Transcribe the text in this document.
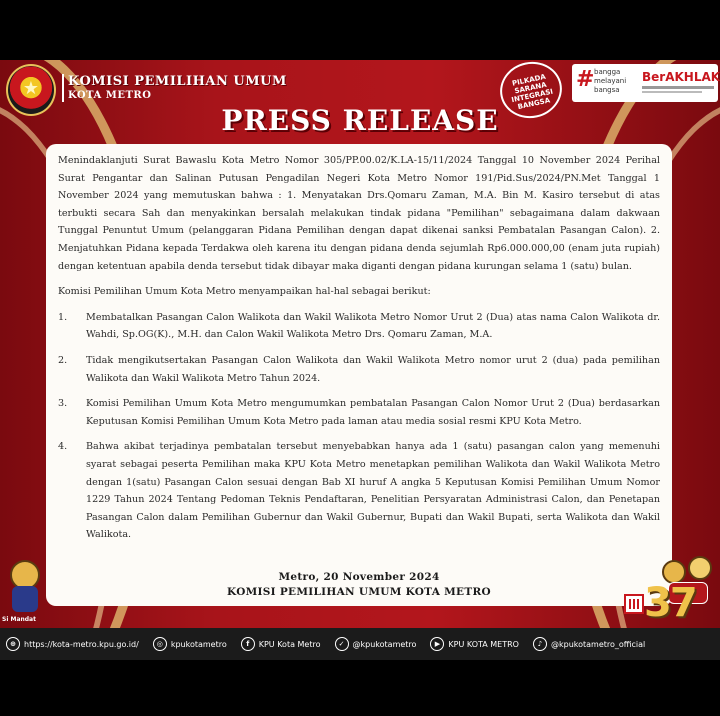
★
KOMISI PEMILIHAN UMUM
KOTA METRO
PILKADA SARANA INTEGRASI BANGSA
# bangga melayani bangsa
BerAKHLAK
PRESS RELEASE

Menindaklanjuti Surat Bawaslu Kota Metro Nomor 305/PP.00.02/K.LA-15/11/2024 Tanggal 10 November 2024 Perihal Surat Pengantar dan Salinan Putusan Pengadilan Negeri Kota Metro Nomor 191/Pid.Sus/2024/PN.Met Tanggal 1 November 2024 yang memutuskan bahwa : 1. Menyatakan Drs.Qomaru Zaman, M.A. Bin M. Kasiro tersebut di atas terbukti secara Sah dan menyakinkan bersalah melakukan tindak pidana "Pemilihan" sebagaimana dalam dakwaan Tunggal Penuntut Umum (pelanggaran Pidana Pemilihan dengan dapat dikenai sanksi Pembatalan Pasangan Calon). 2. Menjatuhkan Pidana kepada Terdakwa oleh karena itu dengan pidana denda sejumlah Rp6.000.000,00 (enam juta rupiah) dengan ketentuan apabila denda tersebut tidak dibayar maka diganti dengan pidana kurungan selama 1 (satu) bulan.

Komisi Pemilihan Umum Kota Metro menyampaikan hal-hal sebagai berikut:

1. Membatalkan Pasangan Calon Walikota dan Wakil Walikota Metro Nomor Urut 2 (Dua) atas nama Calon Walikota dr. Wahdi, Sp.OG(K)., M.H. dan Calon Wakil Walikota Metro Drs. Qomaru Zaman, M.A.
2. Tidak mengikutsertakan Pasangan Calon Walikota dan Wakil Walikota Metro nomor urut 2 (dua) pada pemilihan Walikota dan Wakil Walikota Metro Tahun 2024.
3. Komisi Pemilihan Umum Kota Metro mengumumkan pembatalan Pasangan Calon Nomor Urut 2 (Dua) berdasarkan Keputusan Komisi Pemilihan Umum Kota Metro pada laman atau media sosial resmi KPU Kota Metro.
4. Bahwa akibat terjadinya pembatalan tersebut menyebabkan hanya ada 1 (satu) pasangan calon yang memenuhi syarat sebagai peserta Pemilihan maka KPU Kota Metro menetapkan pemilihan Walikota dan Wakil Walikota Metro dengan 1(satu) Pasangan Calon sesuai dengan Bab XI huruf A angka 5 Keputusan Komisi Pemilihan Umum Nomor 1229 Tahun 2024 Tentang Pedoman Teknis Pendaftaran, Penelitian Persyaratan Administrasi Calon, dan Penetapan Pasangan Calon dalam Pemilihan Gubernur dan Wakil Gubernur, Bupati dan Wakil Bupati, serta Walikota dan Wakil Walikota.
Metro, 20 November 2024
KOMISI PEMILIHAN UMUM KOTA METRO
Si Mandat	37
⊕	https://kota-metro.kpu.go.id/	◎ kpukotametro	f	KPU Kota Metro	✓	@kpukotametro	▶	KPU KOTA METRO	♪	@kpukotametro_official
